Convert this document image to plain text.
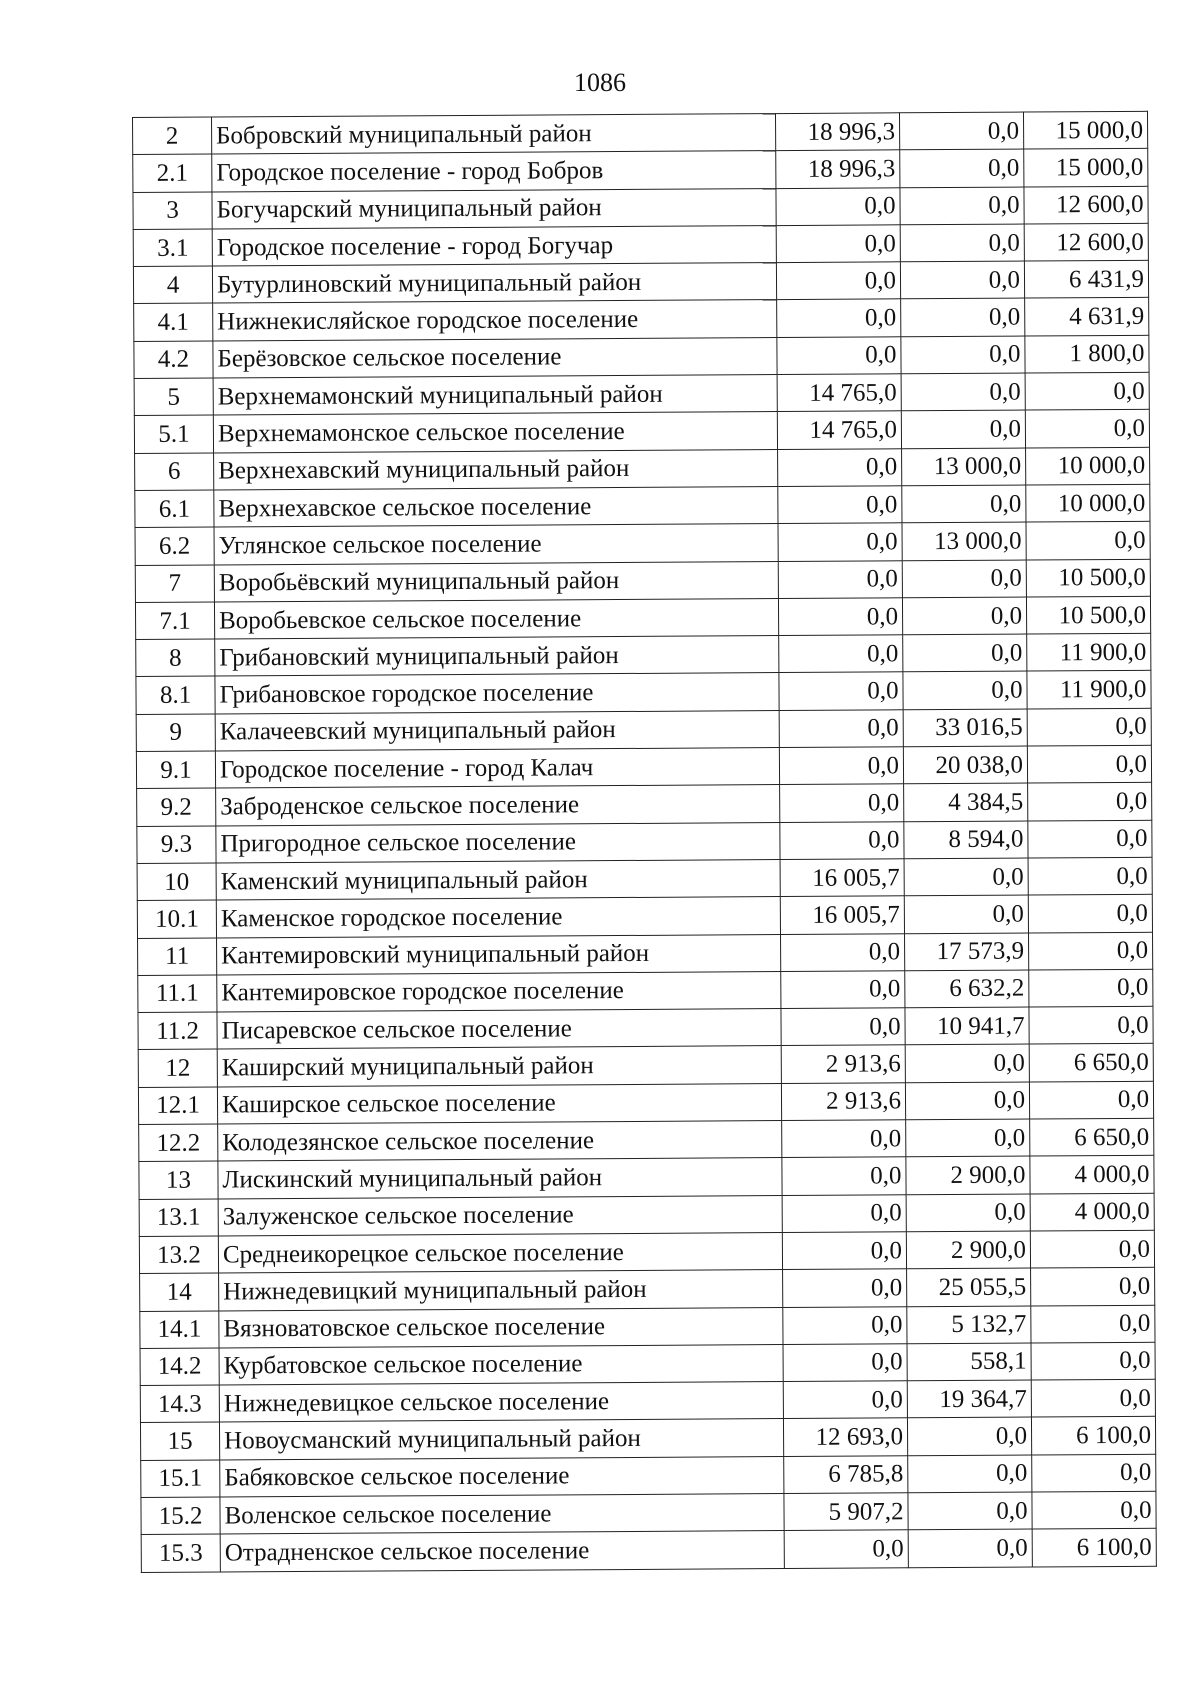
1086
2	Бобровский муниципальный район	18 996,3	0,0	15 000,0
2.1	Городское поселение - город Бобров	18 996,3	0,0	15 000,0
3	Богучарский муниципальный район	0,0	0,0	12 600,0
3.1	Городское поселение - город Богучар	0,0	0,0	12 600,0
4	Бутурлиновский муниципальный район	0,0	0,0	6 431,9
4.1	Нижнекисляйское городское поселение	0,0	0,0	4 631,9
4.2	Берёзовское сельское поселение	0,0	0,0	1 800,0
5	Верхнемамонский муниципальный район	14 765,0	0,0	0,0
5.1	Верхнемамонское сельское поселение	14 765,0	0,0	0,0
6	Верхнехавский муниципальный район	0,0	13 000,0	10 000,0
6.1	Верхнехавское сельское поселение	0,0	0,0	10 000,0
6.2	Углянское сельское поселение	0,0	13 000,0	0,0
7	Воробьёвский муниципальный район	0,0	0,0	10 500,0
7.1	Воробьевское сельское поселение	0,0	0,0	10 500,0
8	Грибановский муниципальный район	0,0	0,0	11 900,0
8.1	Грибановское городское поселение	0,0	0,0	11 900,0
9	Калачеевский муниципальный район	0,0	33 016,5	0,0
9.1	Городское поселение - город Калач	0,0	20 038,0	0,0
9.2	Заброденское сельское поселение	0,0	4 384,5	0,0
9.3	Пригородное сельское поселение	0,0	8 594,0	0,0
10	Каменский муниципальный район	16 005,7	0,0	0,0
10.1	Каменское городское поселение	16 005,7	0,0	0,0
11	Кантемировский муниципальный район	0,0	17 573,9	0,0
11.1	Кантемировское городское поселение	0,0	6 632,2	0,0
11.2	Писаревское сельское поселение	0,0	10 941,7	0,0
12	Каширский муниципальный район	2 913,6	0,0	6 650,0
12.1	Каширское сельское поселение	2 913,6	0,0	0,0
12.2	Колодезянское сельское поселение	0,0	0,0	6 650,0
13	Лискинский муниципальный район	0,0	2 900,0	4 000,0
13.1	Залуженское сельское поселение	0,0	0,0	4 000,0
13.2	Среднеикорецкое сельское поселение	0,0	2 900,0	0,0
14	Нижнедевицкий муниципальный район	0,0	25 055,5	0,0
14.1	Вязноватовское сельское поселение	0,0	5 132,7	0,0
14.2	Курбатовское сельское поселение	0,0	558,1	0,0
14.3	Нижнедевицкое сельское поселение	0,0	19 364,7	0,0
15	Новоусманский муниципальный район	12 693,0	0,0	6 100,0
15.1	Бабяковское сельское поселение	6 785,8	0,0	0,0
15.2	Воленское сельское поселение	5 907,2	0,0	0,0
15.3	Отрадненское сельское поселение	0,0	0,0	6 100,0
